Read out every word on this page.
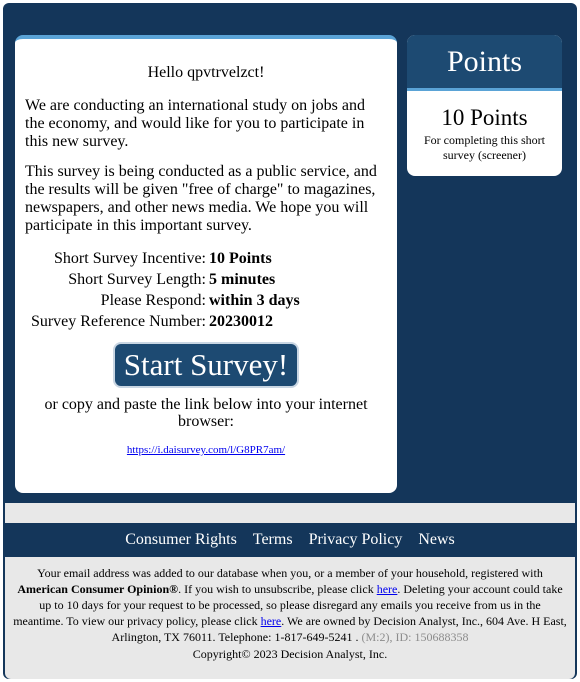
Hello qpvtrvelzct!
We are conducting an international study on jobs and the economy, and would like for you to participate in this new survey.
This survey is being conducted as a public service, and the results will be given "free of charge" to magazines, newspapers, and other news media. We hope you will participate in this important survey.
Short Survey Incentive: 10 Points
Short Survey Length: 5 minutes
Please Respond: within 3 days
Survey Reference Number: 20230012
Start Survey!
or copy and paste the link below into your internet browser:
https://i.daisurvey.com/l/G8PR7am/
Points
10 Points
For completing this short survey (screener)
Consumer Rights Terms Privacy Policy News
Your email address was added to our database when you, or a member of your household, registered with American Consumer Opinion®. If you wish to unsubscribe, please click here. Deleting your account could take up to 10 days for your request to be processed, so please disregard any emails you receive from us in the meantime. To view our privacy policy, please click here. We are owned by Decision Analyst, Inc., 604 Ave. H East, Arlington, TX 76011. Telephone: 1-817-649-5241 . (M:2), ID: 150688358
Copyright© 2023 Decision Analyst, Inc.
